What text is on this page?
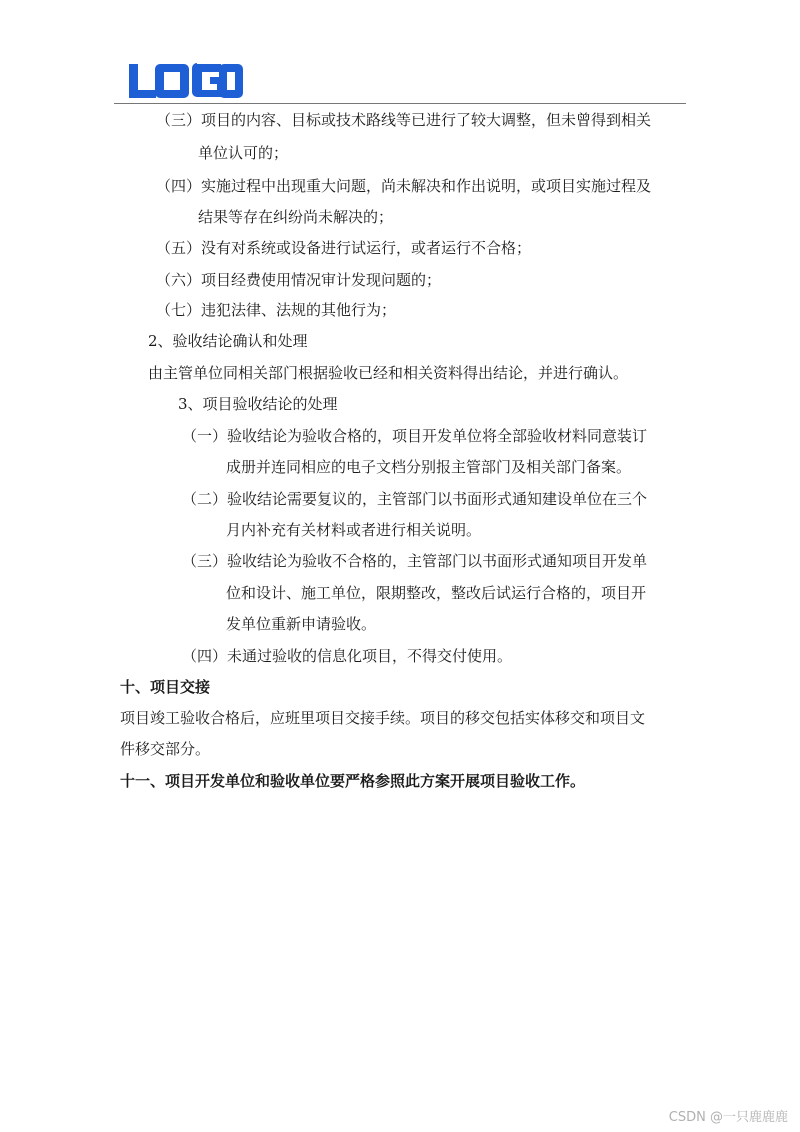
（三）项目的内容、目标或技术路线等已进行了较大调整，但未曾得到相关
单位认可的；
（四）实施过程中出现重大问题，尚未解决和作出说明，或项目实施过程及
结果等存在纠纷尚未解决的；
（五）没有对系统或设备进行试运行，或者运行不合格；
（六）项目经费使用情况审计发现问题的；
（七）违犯法律、法规的其他行为；
2、验收结论确认和处理
由主管单位同相关部门根据验收已经和相关资料得出结论，并进行确认。
3、项目验收结论的处理
（一）验收结论为验收合格的，项目开发单位将全部验收材料同意装订
成册并连同相应的电子文档分别报主管部门及相关部门备案。
（二）验收结论需要复议的，主管部门以书面形式通知建设单位在三个
月内补充有关材料或者进行相关说明。
（三）验收结论为验收不合格的，主管部门以书面形式通知项目开发单
位和设计、施工单位，限期整改，整改后试运行合格的，项目开
发单位重新申请验收。
（四）未通过验收的信息化项目，不得交付使用。
十、项目交接
项目竣工验收合格后，应班里项目交接手续。项目的移交包括实体移交和项目文
件移交部分。
十一、项目开发单位和验收单位要严格参照此方案开展项目验收工作。
CSDN @一只鹿鹿鹿
